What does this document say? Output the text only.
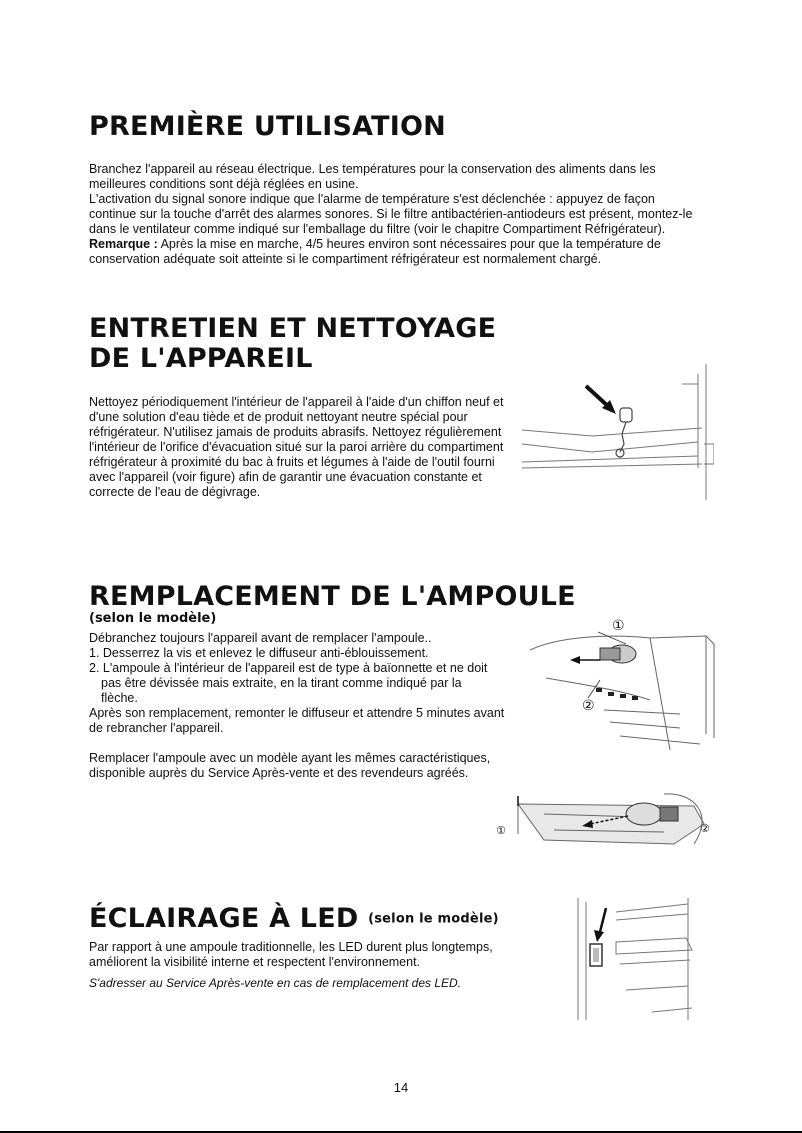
PREMIÈRE UTILISATION

Branchez l'appareil au réseau électrique. Les températures pour la conservation des aliments dans les meilleures conditions sont déjà réglées en usine.

L'activation du signal sonore indique que l'alarme de température s'est déclenchée : appuyez de façon continue sur la touche d'arrêt des alarmes sonores. Si le filtre antibactérien-antiodeurs est présent, montez-le dans le ventilateur comme indiqué sur l'emballage du filtre (voir le chapitre Compartiment Réfrigérateur).

Remarque : Après la mise en marche, 4/5 heures environ sont nécessaires pour que la température de conservation adéquate soit atteinte si le compartiment réfrigérateur est normalement chargé.

ENTRETIEN ET NETTOYAGE
DE L'APPAREIL
Nettoyez périodiquement l'intérieur de l'appareil à l'aide d'un chiffon neuf et d'une solution d'eau tiède et de produit nettoyant neutre spécial pour réfrigérateur. N'utilisez jamais de produits abrasifs. Nettoyez régulièrement l'intérieur de l'orifice d'évacuation situé sur la paroi arrière du compartiment réfrigérateur à proximité du bac à fruits et légumes à l'aide de l'outil fourni avec l'appareil (voir figure) afin de garantir une évacuation constante et correcte de l'eau de dégivrage.
REMPLACEMENT DE L'AMPOULE
(selon le modèle)

Débranchez toujours l'appareil avant de remplacer l'ampoule..

1. Desserrez la vis et enlevez le diffuseur anti-éblouissement.

2. L'ampoule à l'intérieur de l'appareil est de type à baïonnette et ne doit

pas être dévissée mais extraite, en la tirant comme indiqué par la

flèche.

Après son remplacement, remonter le diffuseur et attendre 5 minutes avant de rebrancher l'appareil.

Remplacer l'ampoule avec un modèle ayant les mêmes caractéristiques, disponible auprès du Service Après-vente et des revendeurs agréés.

①
②
①	②
ÉCLAIRAGE À LED (selon le modèle)

Par rapport à une ampoule traditionnelle, les LED durent plus longtemps, améliorent la visibilité interne et respectent l'environnement.

S'adresser au Service Après-vente en cas de remplacement des LED.

14
